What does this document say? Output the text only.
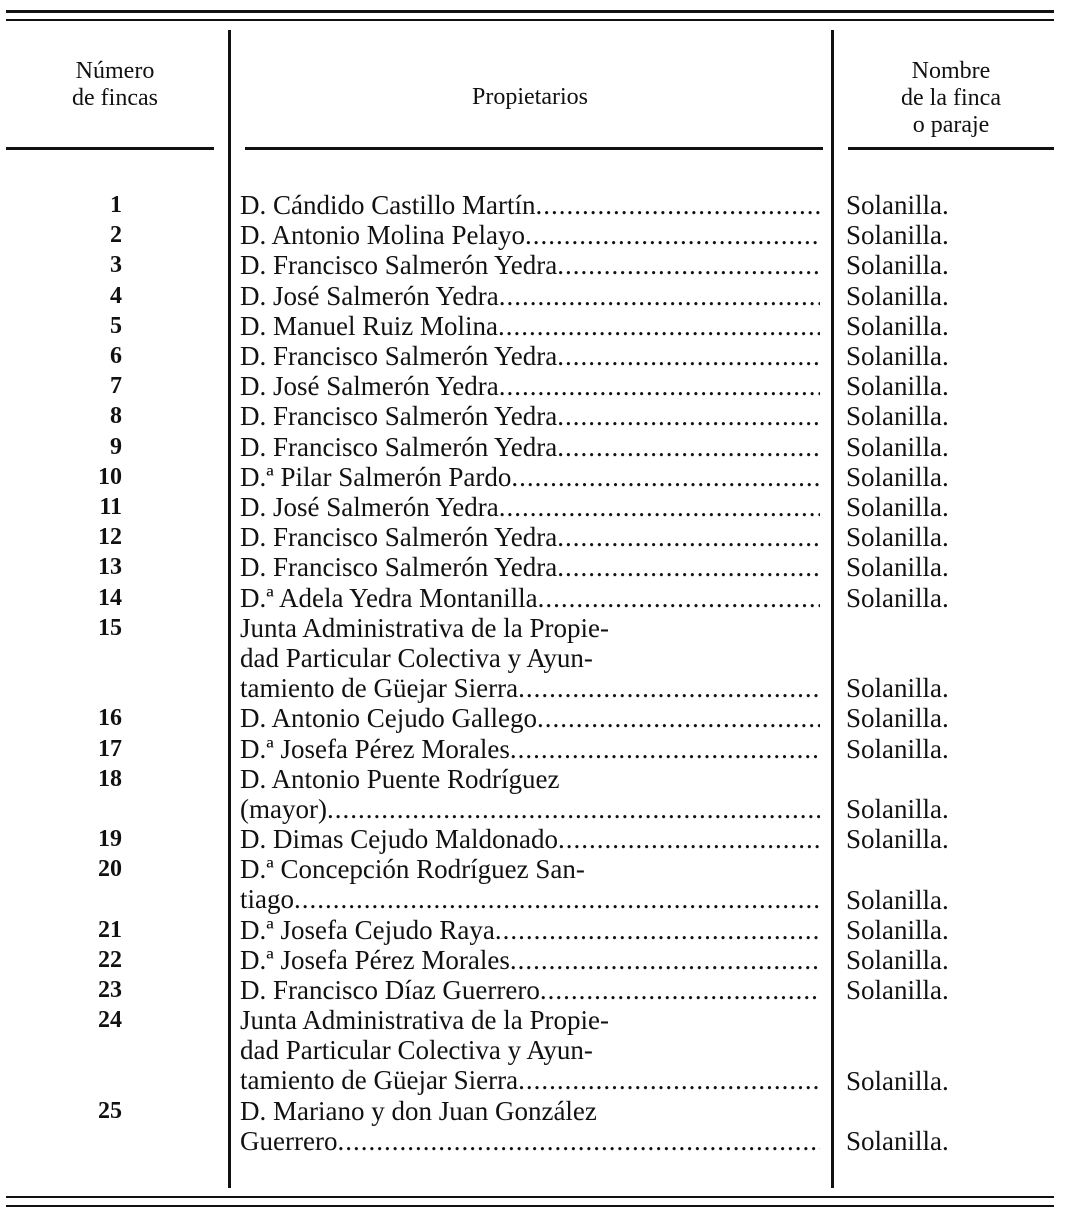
Número
de fincas	Propietarios
Nombre
de la finca
o paraje
1	D. Cándido Castillo Martín .....	Solanilla.
2	D. Antonio Molina Pelayo .....	Solanilla.
3	D. Francisco Salmerón Yedra .....	Solanilla.
4	D. José Salmerón Yedra .....	Solanilla.
5	D. Manuel Ruiz Molina .....	Solanilla.
6	D. Francisco Salmerón Yedra .....	Solanilla.
7	D. José Salmerón Yedra .....	Solanilla.
8	D. Francisco Salmerón Yedra .....	Solanilla.
9	D. Francisco Salmerón Yedra .....	Solanilla.
10	D.ª Pilar Salmerón Pardo .....	Solanilla.
11	D. José Salmerón Yedra .....	Solanilla.
12	D. Francisco Salmerón Yedra .....	Solanilla.
13	D. Francisco Salmerón Yedra .....	Solanilla.
14	D.ª Adela Yedra Montanilla .....	Solanilla.
15	Junta Administrativa de la Propie-
dad Particular Colectiva y Ayun-
tamiento de Güejar Sierra .....	Solanilla.
16	D. Antonio Cejudo Gallego .....	Solanilla.
17	D.ª Josefa Pérez Morales .....	Solanilla.
18	D. Antonio Puente Rodríguez
(mayor) .....	Solanilla.
19	D. Dimas Cejudo Maldonado .....	Solanilla.
20	D.ª Concepción Rodríguez San-
tiago .....	Solanilla.
21	D.ª Josefa Cejudo Raya .....	Solanilla.
22	D.ª Josefa Pérez Morales .....	Solanilla.
23	D. Francisco Díaz Guerrero .....	Solanilla.
24	Junta Administrativa de la Propie-
dad Particular Colectiva y Ayun-
tamiento de Güejar Sierra .....	Solanilla.
25	D. Mariano y don Juan González
Guerrero .....	Solanilla.
